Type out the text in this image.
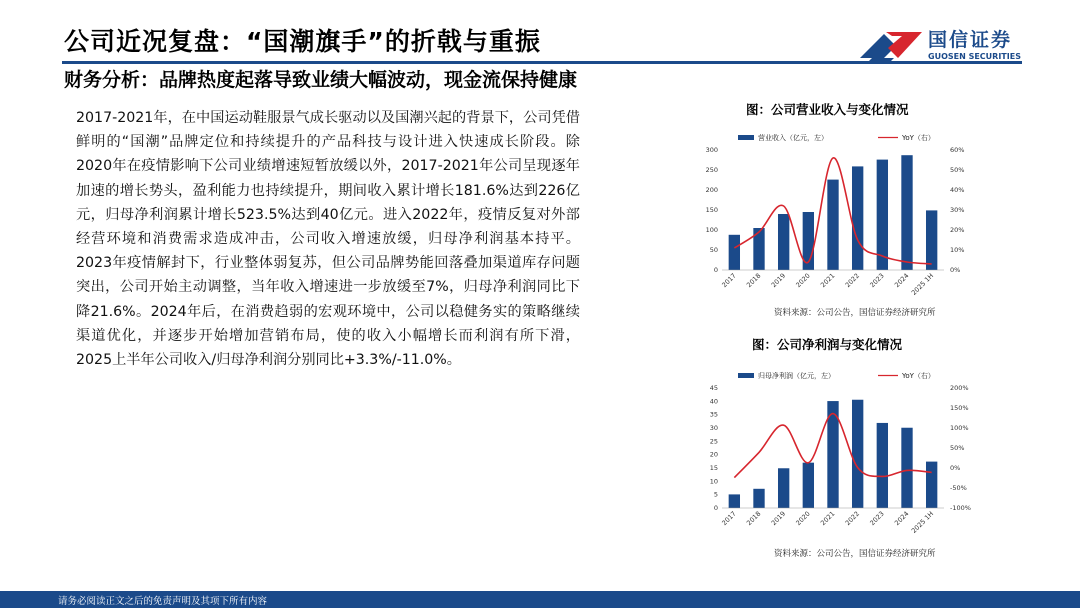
公司近况复盘：“国潮旗手”的折戟与重振
财务分析：品牌热度起落导致业绩大幅波动，现金流保持健康
国信证券
GUOSEN SECURITIES
2017-2021年，在中国运动鞋服景气成长驱动以及国潮兴起的背景下，公司凭借鲜明的“国潮”品牌定位和持续提升的产品科技与设计进入快速成长阶段。除2020年在疫情影响下公司业绩增速短暂放缓以外，2017-2021年公司呈现逐年加速的增长势头，盈利能力也持续提升，期间收入累计增长181.6%达到226亿元，归母净利润累计增长523.5%达到40亿元。进入2022年，疫情反复对外部经营环境和消费需求造成冲击，公司收入增速放缓，归母净利润基本持平。2023年疫情解封下，行业整体弱复苏，但公司品牌势能回落叠加渠道库存问题突出，公司开始主动调整，当年收入增速进一步放缓至7%，归母净利润同比下降21.6%。2024年后，在消费趋弱的宏观环境中，公司以稳健务实的策略继续渠道优化，并逐步开始增加营销布局，使的收入小幅增长而利润有所下滑，2025上半年公司收入/归母净利润分别同比+3.3%/-11.0%。
图：公司营业收入与变化情况
营业收入（亿元，左）	YoY（右）
0
50
100
150
200
250
300
0%
10%
20%
30%
40%
50%
60%
2017 2018 2019 2020 2021 2022 2023 2024 2025 1H
资料来源：公司公告，国信证券经济研究所
图：公司净利润与变化情况
归母净利润（亿元，左）	YoY（右）
0
5
10
15
20
25
30
35
40
45
-100%
-50%
0%
50%
100%
150%
200%
2017 2018 2019 2020 2021 2022 2023 2024 2025 1H
资料来源：公司公告，国信证券经济研究所
请务必阅读正文之后的免责声明及其项下所有内容
